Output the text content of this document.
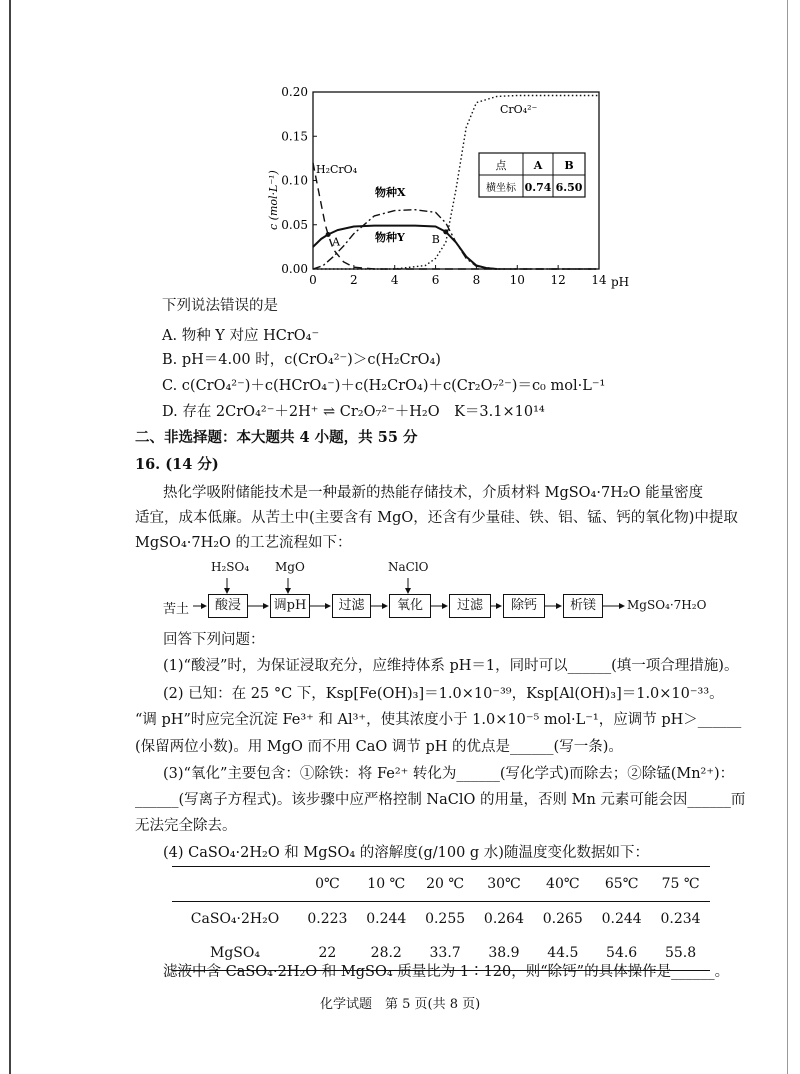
0	2	4	6	8 10 12 14
0.00
0.05
0.10
0.15
0.20
A	B
点 A B
横坐标 0.74 6.50
H₂CrO₄
物种X
物种Y
CrO₄²⁻
pH
c (mol·L⁻¹)
下列说法错误的是
A. 物种 Y 对应 HCrO₄⁻
B. pH＝4.00 时，c(CrO₄²⁻)＞c(H₂CrO₄)
C. c(CrO₄²⁻)＋c(HCrO₄⁻)＋c(H₂CrO₄)＋c(Cr₂O₇²⁻)＝c₀ mol·L⁻¹
D. 存在 2CrO₄²⁻＋2H⁺ ⇌ Cr₂O₇²⁻＋H₂O　K＝3.1×10¹⁴
二、非选择题：本大题共 4 小题，共 55 分
16. (14 分)
热化学吸附储能技术是一种最新的热能存储技术，介质材料 MgSO₄·7H₂O 能量密度
适宜，成本低廉。从苦土中(主要含有 MgO，还含有少量硅、铁、铝、锰、钙的氧化物)中提取
MgSO₄·7H₂O 的工艺流程如下：
H₂SO₄ MgO	NaClO
苦土	酸浸	调pH	过滤	氧化	过滤	除钙	析镁	MgSO₄·7H₂O
回答下列问题：
(1)“酸浸”时，为保证浸取充分，应维持体系 pH＝1，同时可以______(填一项合理措施)。
(2) 已知：在 25 °C 下，Ksp[Fe(OH)₃]＝1.0×10⁻³⁹，Ksp[Al(OH)₃]＝1.0×10⁻³³。
“调 pH”时应完全沉淀 Fe³⁺ 和 Al³⁺，使其浓度小于 1.0×10⁻⁵ mol·L⁻¹，应调节 pH＞______
(保留两位小数)。用 MgO 而不用 CaO 调节 pH 的优点是______(写一条)。
(3)“氧化”主要包含：①除铁：将 Fe²⁺ 转化为______(写化学式)而除去；②除锰(Mn²⁺)：
______(写离子方程式)。该步骤中应严格控制 NaClO 的用量，否则 Mn 元素可能会因______而
无法完全除去。
(4) CaSO₄·2H₂O 和 MgSO₄ 的溶解度(g/100 g 水)随温度变化数据如下：
	0℃	10 ℃	20 ℃	30℃	40℃	65℃	75 ℃
CaSO₄·2H₂O	0.223	0.244	0.255	0.264	0.265	0.244	0.234
MgSO₄	22	28.2	33.7	38.9	44.5	54.6	55.8
滤液中含 CaSO₄·2H₂O 和 MgSO₄ 质量比为 1∶120，则“除钙”的具体操作是______。
化学试题　第 5 页(共 8 页)
